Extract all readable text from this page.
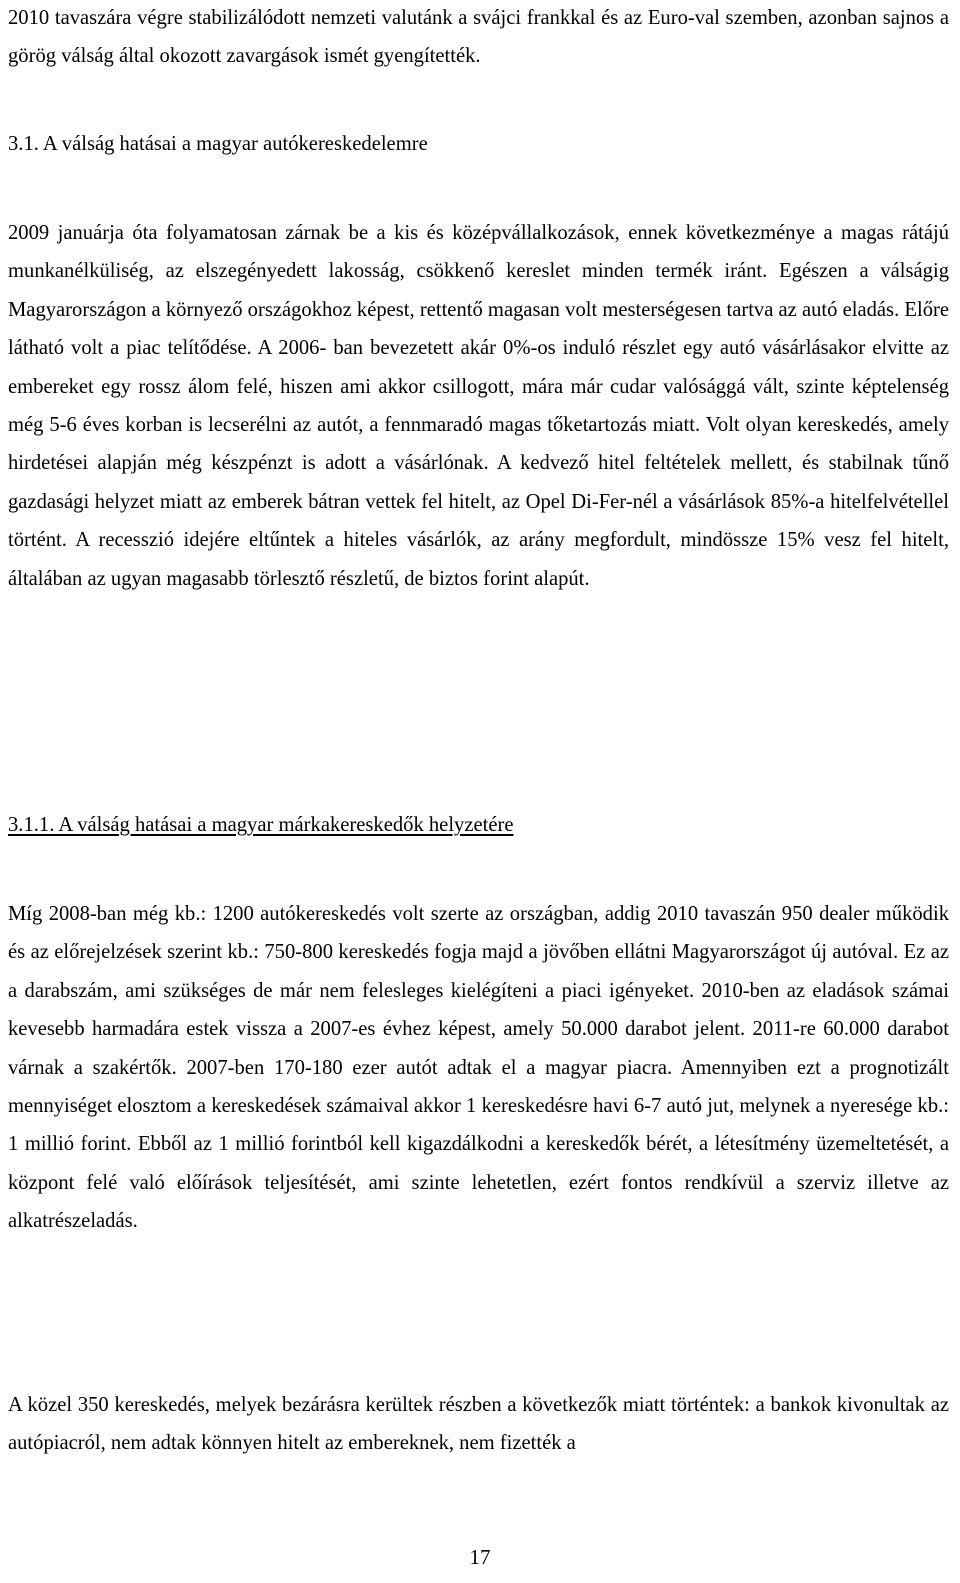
2010 tavaszára végre stabilizálódott nemzeti valutánk a svájci frankkal és az Euro-val szemben, azonban sajnos a görög válság által okozott zavargások ismét gyengítették.

3.1. A válság hatásai a magyar autókereskedelemre

2009 januárja óta folyamatosan zárnak be a kis és középvállalkozások, ennek következménye a magas rátájú munkanélküliség, az elszegényedett lakosság, csökkenő kereslet minden termék iránt. Egészen a válságig Magyarországon a környező országokhoz képest, rettentő magasan volt mesterségesen tartva az autó eladás. Előre látható volt a piac telítődése. A 2006- ban bevezetett akár 0%-os induló részlet egy autó vásárlásakor elvitte az embereket egy rossz álom felé, hiszen ami akkor csillogott, mára már cudar valósággá vált, szinte képtelenség még 5-6 éves korban is lecserélni az autót, a fennmaradó magas tőketartozás miatt. Volt olyan kereskedés, amely hirdetései alapján még készpénzt is adott a vásárlónak. A kedvező hitel feltételek mellett, és stabilnak tűnő gazdasági helyzet miatt az emberek bátran vettek fel hitelt, az Opel Di-Fer-nél a vásárlások 85%-a hitelfelvétellel történt. A recesszió idejére eltűntek a hiteles vásárlók, az arány megfordult, mindössze 15% vesz fel hitelt, általában az ugyan magasabb törlesztő részletű, de biztos forint alapút.

3.1.1. A válság hatásai a magyar márkakereskedők helyzetére

Míg 2008-ban még kb.: 1200 autókereskedés volt szerte az országban, addig 2010 tavaszán 950 dealer működik és az előrejelzések szerint kb.: 750-800 kereskedés fogja majd a jövőben ellátni Magyarországot új autóval. Ez az a darabszám, ami szükséges de már nem felesleges kielégíteni a piaci igényeket. 2010-ben az eladások számai kevesebb harmadára estek vissza a 2007-es évhez képest, amely 50.000 darabot jelent. 2011-re 60.000 darabot várnak a szakértők. 2007-ben 170-180 ezer autót adtak el a magyar piacra. Amennyiben ezt a prognotizált mennyiséget elosztom a kereskedések számaival akkor 1 kereskedésre havi 6-7 autó jut, melynek a nyeresége kb.: 1 millió forint. Ebből az 1 millió forintból kell kigazdálkodni a kereskedők bérét, a létesítmény üzemeltetését, a központ felé való előírások teljesítését, ami szinte lehetetlen, ezért fontos rendkívül a szerviz illetve az alkatrészeladás.

A közel 350 kereskedés, melyek bezárásra kerültek részben a következők miatt történtek: a bankok kivonultak az autópiacról, nem adtak könnyen hitelt az embereknek, nem fizették a

17
